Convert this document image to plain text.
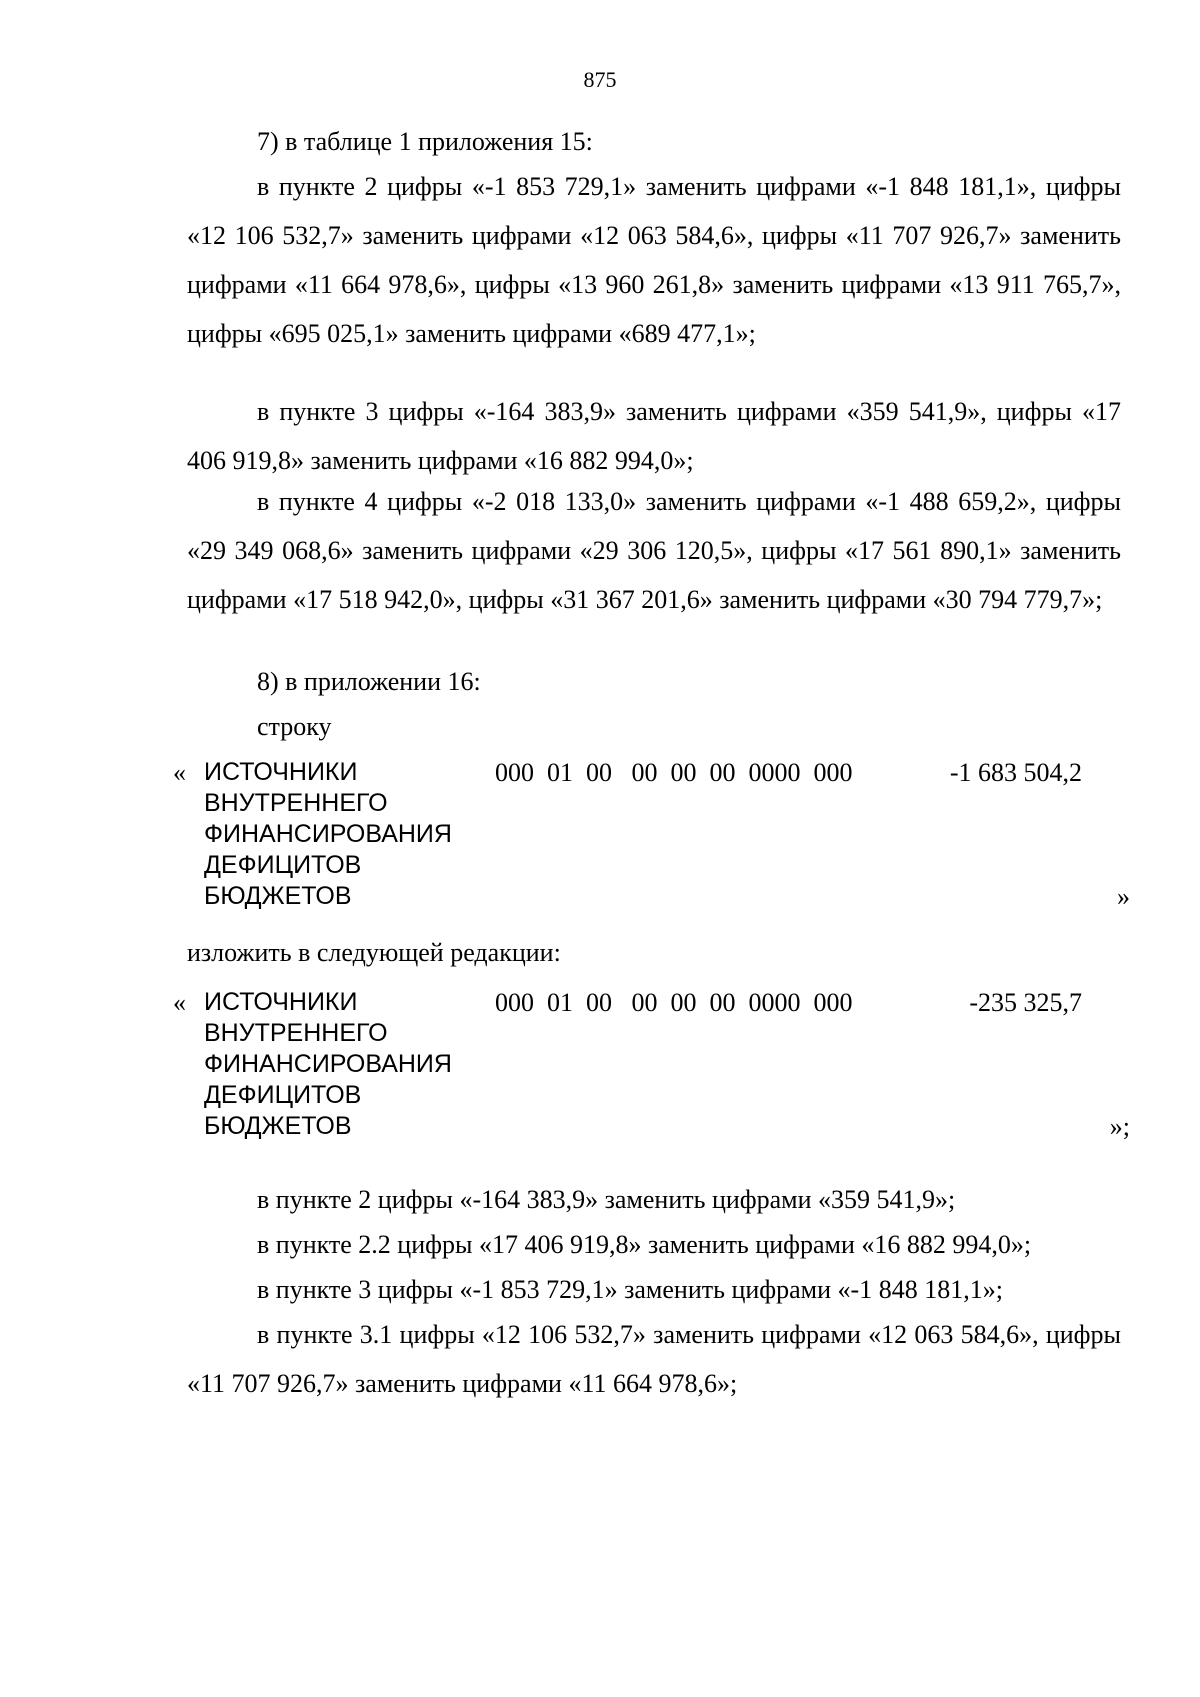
875
7) в таблице 1 приложения 15:
в пункте 2 цифры «-1 853 729,1» заменить цифрами «-1 848 181,1», цифры «12 106 532,7» заменить цифрами «12 063 584,6», цифры «11 707 926,7» заменить цифрами «11 664 978,6», цифры «13 960 261,8» заменить цифрами «13 911 765,7», цифры «695 025,1» заменить цифрами «689 477,1»;
в пункте 3 цифры «-164 383,9» заменить цифрами «359 541,9», цифры «17 406 919,8» заменить цифрами «16 882 994,0»;
в пункте 4 цифры «-2 018 133,0» заменить цифрами «-1 488 659,2», цифры «29 349 068,6» заменить цифрами «29 306 120,5», цифры «17 561 890,1» заменить цифрами «17 518 942,0», цифры «31 367 201,6» заменить цифрами «30 794 779,7»;
8) в приложении 16:
строку
« ИСТОЧНИКИ
ВНУТРЕННЕГО
ФИНАНСИРОВАНИЯ
ДЕФИЦИТОВ
БЮДЖЕТОВ
000  01  00   00  00  00  0000  000	-1 683 504,2
»
изложить в следующей редакции:
« ИСТОЧНИКИ
ВНУТРЕННЕГО
ФИНАНСИРОВАНИЯ
ДЕФИЦИТОВ
БЮДЖЕТОВ
000  01  00   00  00  00  0000  000	-235 325,7
»;
в пункте 2 цифры «-164 383,9» заменить цифрами «359 541,9»;
в пункте 2.2 цифры «17 406 919,8» заменить цифрами «16 882 994,0»;
в пункте 3 цифры «-1 853 729,1» заменить цифрами «-1 848 181,1»;
в пункте 3.1 цифры «12 106 532,7» заменить цифрами «12 063 584,6», цифры «11 707 926,7» заменить цифрами «11 664 978,6»;
